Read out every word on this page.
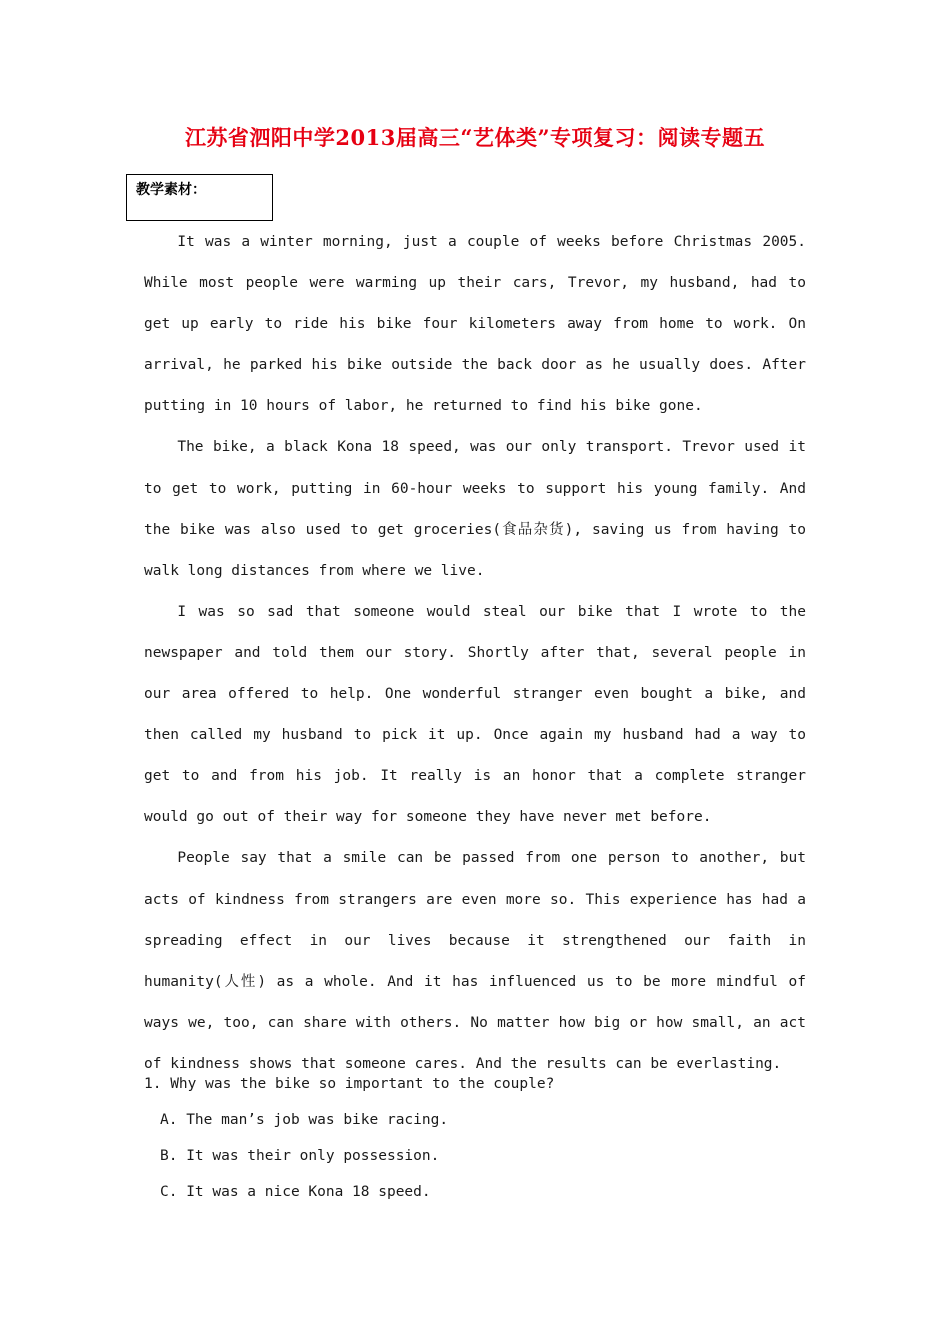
江苏省泗阳中学2013届高三“艺体类”专项复习：阅读专题五
教学素材：

It was a winter morning, just a couple of weeks before Christmas 2005. While most people were warming up their cars, Trevor, my husband, had to get up early to ride his bike four kilometers away from home to work. On arrival, he parked his bike outside the back door as he usually does. After putting in 10 hours of labor, he returned to find his bike gone.

The bike, a black Kona 18 speed, was our only transport. Trevor used it to get to work, putting in 60-hour weeks to support his young family. And the bike was also used to get groceries(食品杂货), saving us from having to walk long distances from where we live.

I was so sad that someone would steal our bike that I wrote to the newspaper and told them our story. Shortly after that, several people in our area offered to help. One wonderful stranger even bought a bike, and then called my husband to pick it up. Once again my husband had a way to get to and from his job. It really is an honor that a complete stranger would go out of their way for someone they have never met before.

People say that a smile can be passed from one person to another, but acts of kindness from strangers are even more so. This experience has had a spreading effect in our lives because it strengthened our faith in humanity(人性) as a whole. And it has influenced us to be more mindful of ways we, too, can share with others. No matter how big or how small, an act of kindness shows that someone cares. And the results can be everlasting.

1. Why was the bike so important to the couple?

A. The man’s job was bike racing.

B. It was their only possession.

C. It was a nice Kona 18 speed.
